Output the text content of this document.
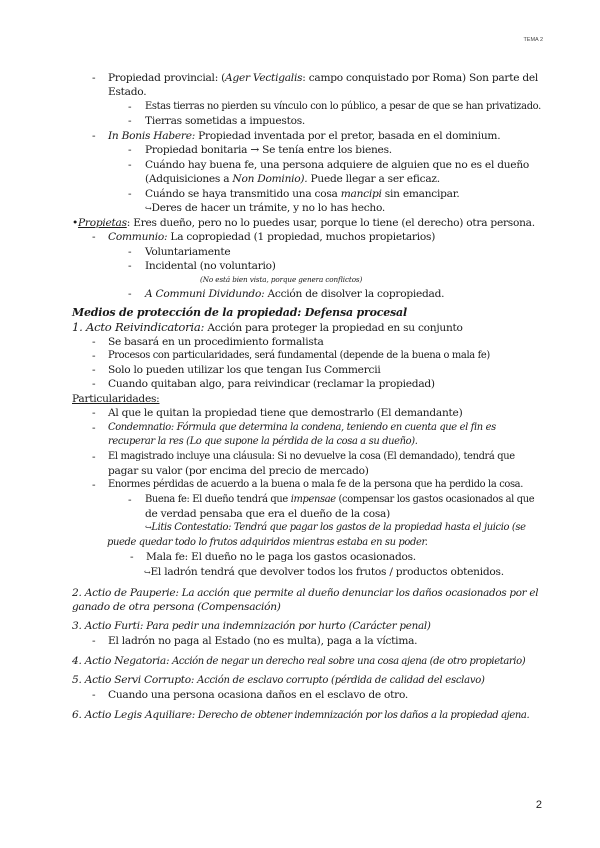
TEMA 2
- Propiedad provincial: (Ager Vectigalis: campo conquistado por Roma) Son parte del
Estado.
- Estas tierras no pierden su vínculo con lo público, a pesar de que se han privatizado.
- Tierras sometidas a impuestos.
- In Bonis Habere: Propiedad inventada por el pretor, basada en el dominium.
- Propiedad bonitaria → Se tenía entre los bienes.
- Cuándo hay buena fe, una persona adquiere de alguien que no es el dueño
(Adquisiciones a Non Dominio). Puede llegar a ser eficaz.
- Cuándo se haya transmitido una cosa mancipi sin emancipar.
↪Deres de hacer un trámite, y no lo has hecho.
•Propietas: Eres dueño, pero no lo puedes usar, porque lo tiene (el derecho) otra persona.
- Communio: La copropiedad (1 propiedad, muchos propietarios)
- Voluntariamente
- Incidental (no voluntario)
(No está bien vista, porque genera conflictos)
- A Communi Dividundo: Acción de disolver la copropiedad.
Medios de protección de la propiedad: Defensa procesal
1. Acto Reivindicatoria: Acción para proteger la propiedad en su conjunto
- Se basará en un procedimiento formalista
- Procesos con particularidades, será fundamental (depende de la buena o mala fe)
- Solo lo pueden utilizar los que tengan Ius Commercii
- Cuando quitaban algo, para reivindicar (reclamar la propiedad)
Particularidades:
- Al que le quitan la propiedad tiene que demostrarlo (El demandante)
- Condemnatio: Fórmula que determina la condena, teniendo en cuenta que el fin es
recuperar la res (Lo que supone la pérdida de la cosa a su dueño).
- El magistrado incluye una cláusula: Si no devuelve la cosa (El demandado), tendrá que
pagar su valor (por encima del precio de mercado)
- Enormes pérdidas de acuerdo a la buena o mala fe de la persona que ha perdido la cosa.
- Buena fe: El dueño tendrá que impensae (compensar los gastos ocasionados al que
de verdad pensaba que era el dueño de la cosa)
↪Litis Contestatio: Tendrá que pagar los gastos de la propiedad hasta el juicio (se
puede quedar todo lo frutos adquiridos mientras estaba en su poder.
- Mala fe: El dueño no le paga los gastos ocasionados.
↪El ladrón tendrá que devolver todos los frutos / productos obtenidos.
2. Actio de Pauperie: La acción que permite al dueño denunciar los daños ocasionados por el
ganado de otra persona (Compensación)
3. Actio Furti: Para pedir una indemnización por hurto (Carácter penal)
- El ladrón no paga al Estado (no es multa), paga a la víctima.
4. Actio Negatoria: Acción de negar un derecho real sobre una cosa ajena (de otro propietario)
5. Actio Servi Corrupto: Acción de esclavo corrupto (pérdida de calidad del esclavo)
- Cuando una persona ocasiona daños en el esclavo de otro.
6. Actio Legis Aquiliare: Derecho de obtener indemnización por los daños a la propiedad ajena.
2
